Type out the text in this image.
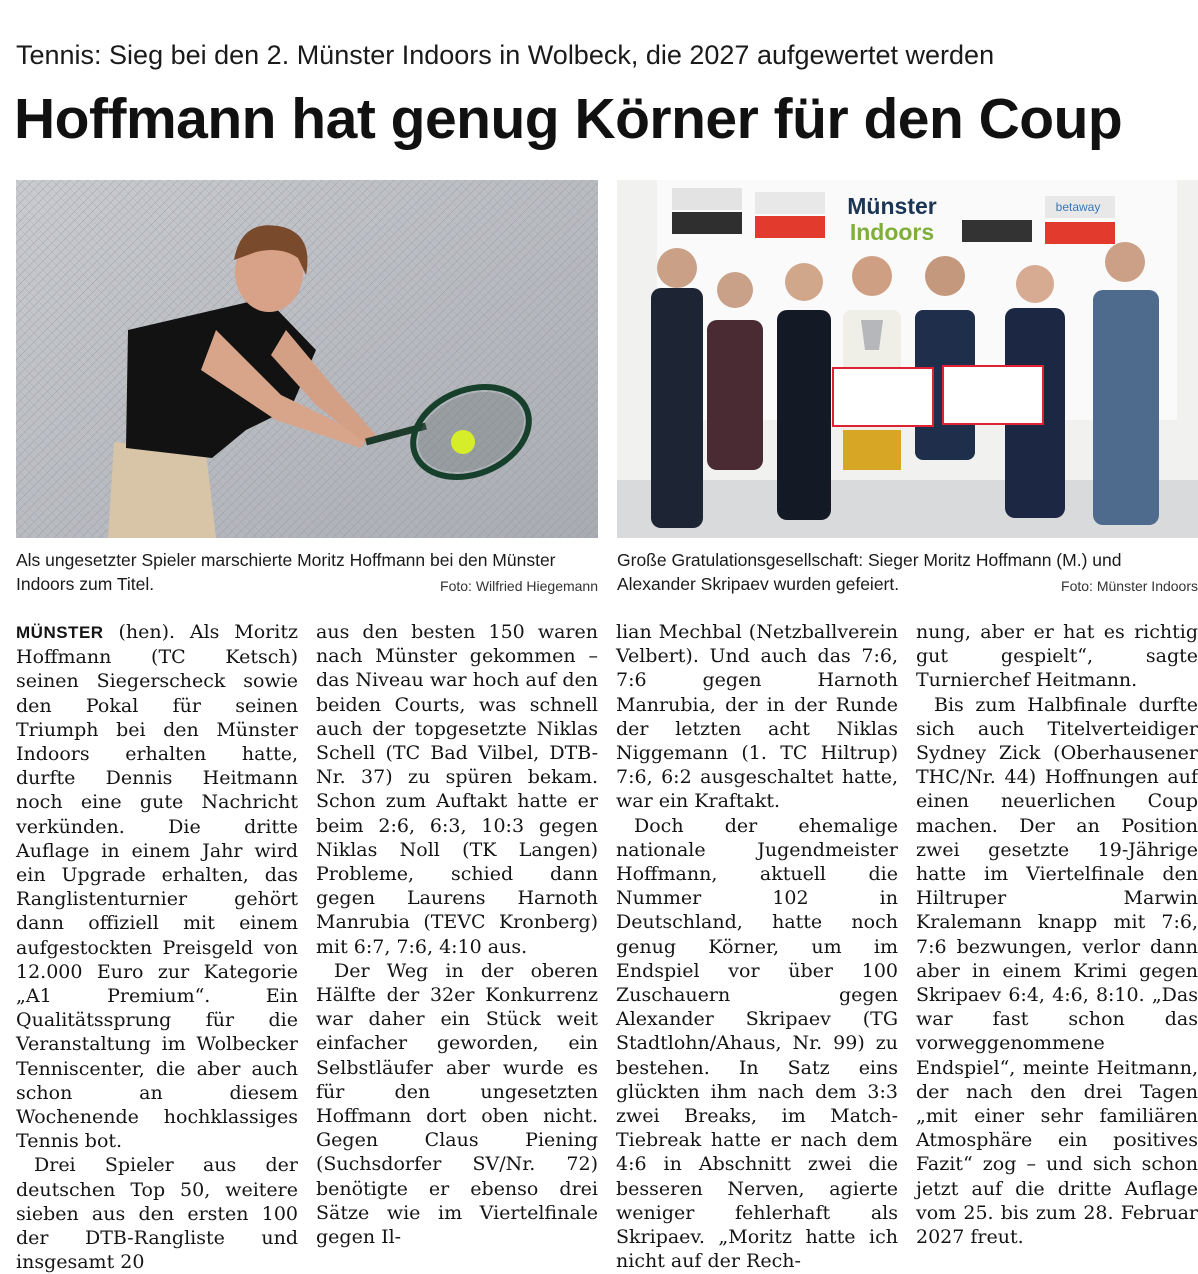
Tennis: Sieg bei den 2. Münster Indoors in Wolbeck, die 2027 aufgewertet werden
Hoffmann hat genug Körner für den Coup
betaway
Münster
Indoors
Als ungesetzter Spieler marschierte Moritz Hoffmann bei den Münster Indoors zum Titel.	Foto: Wilfried Hiegemann
Große Gratulationsgesellschaft: Sieger Moritz Hoffmann (M.) und Alexander Skripaev wurden gefeiert.	Foto: Münster Indoors

MÜNSTER (hen). Als Moritz Hoffmann (TC Ketsch) seinen Siegerscheck sowie den Pokal für seinen Triumph bei den Münster Indoors erhalten hatte, durfte Dennis Heitmann noch eine gute Nachricht verkünden. Die dritte Auflage in einem Jahr wird ein Upgrade erhalten, das Ranglistenturnier gehört dann offiziell mit einem aufgestockten Preisgeld von 12.000 Euro zur Kategorie „A1 Premium“. Ein Qualitätssprung für die Veranstaltung im Wolbecker Tenniscenter, die aber auch schon an diesem Wochenende hochklassiges Tennis bot.

Drei Spieler aus der deutschen Top 50, weitere sieben aus den ersten 100 der DTB-Rangliste und insgesamt 20

aus den besten 150 waren nach Münster gekommen – das Niveau war hoch auf den beiden Courts, was schnell auch der topgesetzte Niklas Schell (TC Bad Vilbel, DTB-Nr. 37) zu spüren bekam. Schon zum Auftakt hatte er beim 2:6, 6:3, 10:3 gegen Niklas Noll (TK Langen) Probleme, schied dann gegen Laurens Harnoth Manrubia (TEVC Kronberg) mit 6:7, 7:6, 4:10 aus.

Der Weg in der oberen Hälfte der 32er Konkurrenz war daher ein Stück weit einfacher geworden, ein Selbstläufer aber wurde es für den ungesetzten Hoffmann dort oben nicht. Gegen Claus Piening (Suchsdorfer SV/Nr. 72) benötigte er ebenso drei Sätze wie im Viertelfinale gegen Il-

lian Mechbal (Netzballverein Velbert). Und auch das 7:6, 7:6 gegen Harnoth Manrubia, der in der Runde der letzten acht Niklas Niggemann (1. TC Hiltrup) 7:6, 6:2 ausgeschaltet hatte, war ein Kraftakt.

Doch der ehemalige nationale Jugendmeister Hoffmann, aktuell die Nummer 102 in Deutschland, hatte noch genug Körner, um im Endspiel vor über 100 Zuschauern gegen Alexander Skripaev (TG Stadtlohn/Ahaus, Nr. 99) zu bestehen. In Satz eins glückten ihm nach dem 3:3 zwei Breaks, im Match-Tiebreak hatte er nach dem 4:6 in Abschnitt zwei die besseren Nerven, agierte weniger fehlerhaft als Skripaev. „Moritz hatte ich nicht auf der Rech-

nung, aber er hat es richtig gut gespielt“, sagte Turnierchef Heitmann.

Bis zum Halbfinale durfte sich auch Titelverteidiger Sydney Zick (Oberhausener THC/Nr. 44) Hoffnungen auf einen neuerlichen Coup machen. Der an Position zwei gesetzte 19-Jährige hatte im Viertelfinale den Hiltruper Marwin Kralemann knapp mit 7:6, 7:6 bezwungen, verlor dann aber in einem Krimi gegen Skripaev 6:4, 4:6, 8:10. „Das war fast schon das vorweggenommene Endspiel“, meinte Heitmann, der nach den drei Tagen „mit einer sehr familiären Atmosphäre ein positives Fazit“ zog – und sich schon jetzt auf die dritte Auflage vom 25. bis zum 28. Februar 2027 freut.
